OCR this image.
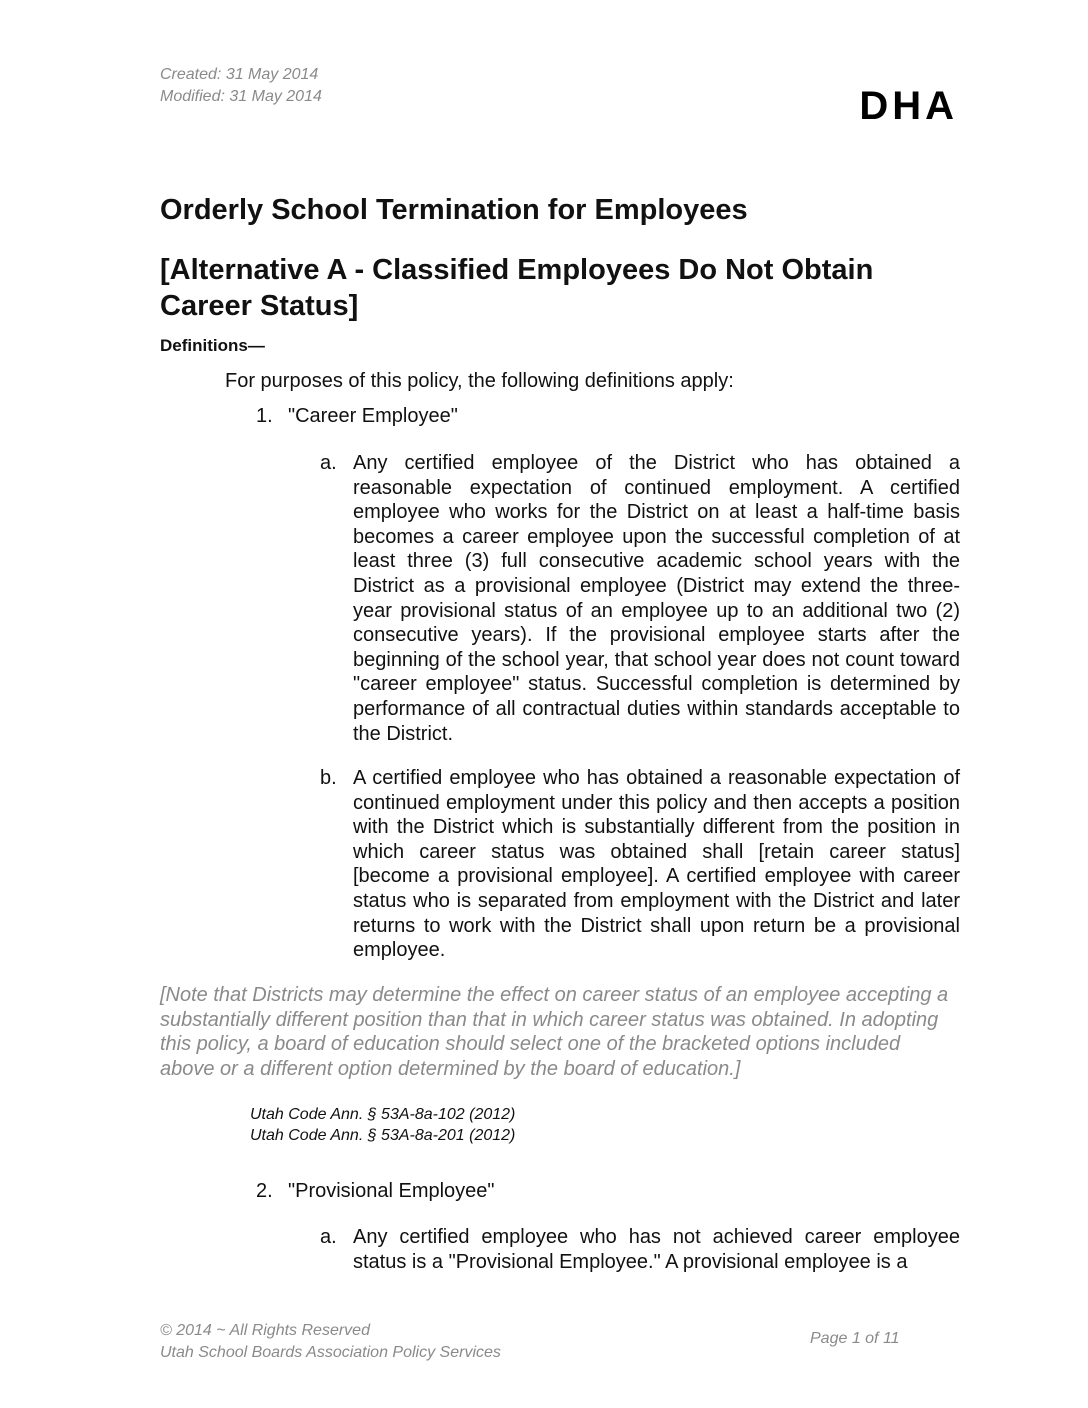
Created: 31 May 2014
Modified: 31 May 2014	DHA
Orderly School Termination for Employees
[Alternative A - Classified Employees Do Not Obtain Career Status]
Definitions—
For purposes of this policy, the following definitions apply:
1. "Career Employee"
a. Any certified employee of the District who has obtained a reasonable expectation of continued employment. A certified employee who works for the District on at least a half-time basis becomes a career employee upon the successful completion of at least three (3) full consecutive academic school years with the District as a provisional employee (District may extend the three-year provisional status of an employee up to an additional two (2) consecutive years). If the provisional employee starts after the beginning of the school year, that school year does not count toward "career employee" status. Successful completion is determined by performance of all contractual duties within standards acceptable to the District.
b. A certified employee who has obtained a reasonable expectation of continued employment under this policy and then accepts a position with the District which is substantially different from the position in which career status was obtained shall [retain career status] [become a provisional employee]. A certified employee with career status who is separated from employment with the District and later returns to work with the District shall upon return be a provisional employee.
[Note that Districts may determine the effect on career status of an employee accepting a substantially different position than that in which career status was obtained. In adopting this policy, a board of education should select one of the bracketed options included above or a different option determined by the board of education.]
Utah Code Ann. § 53A-8a-102 (2012)
Utah Code Ann. § 53A-8a-201 (2012)
2. "Provisional Employee"
a. Any certified employee who has not achieved career employee status is a "Provisional Employee." A provisional employee is a
© 2014 ~ All Rights Reserved
Utah School Boards Association Policy Services
Page 1 of 11
